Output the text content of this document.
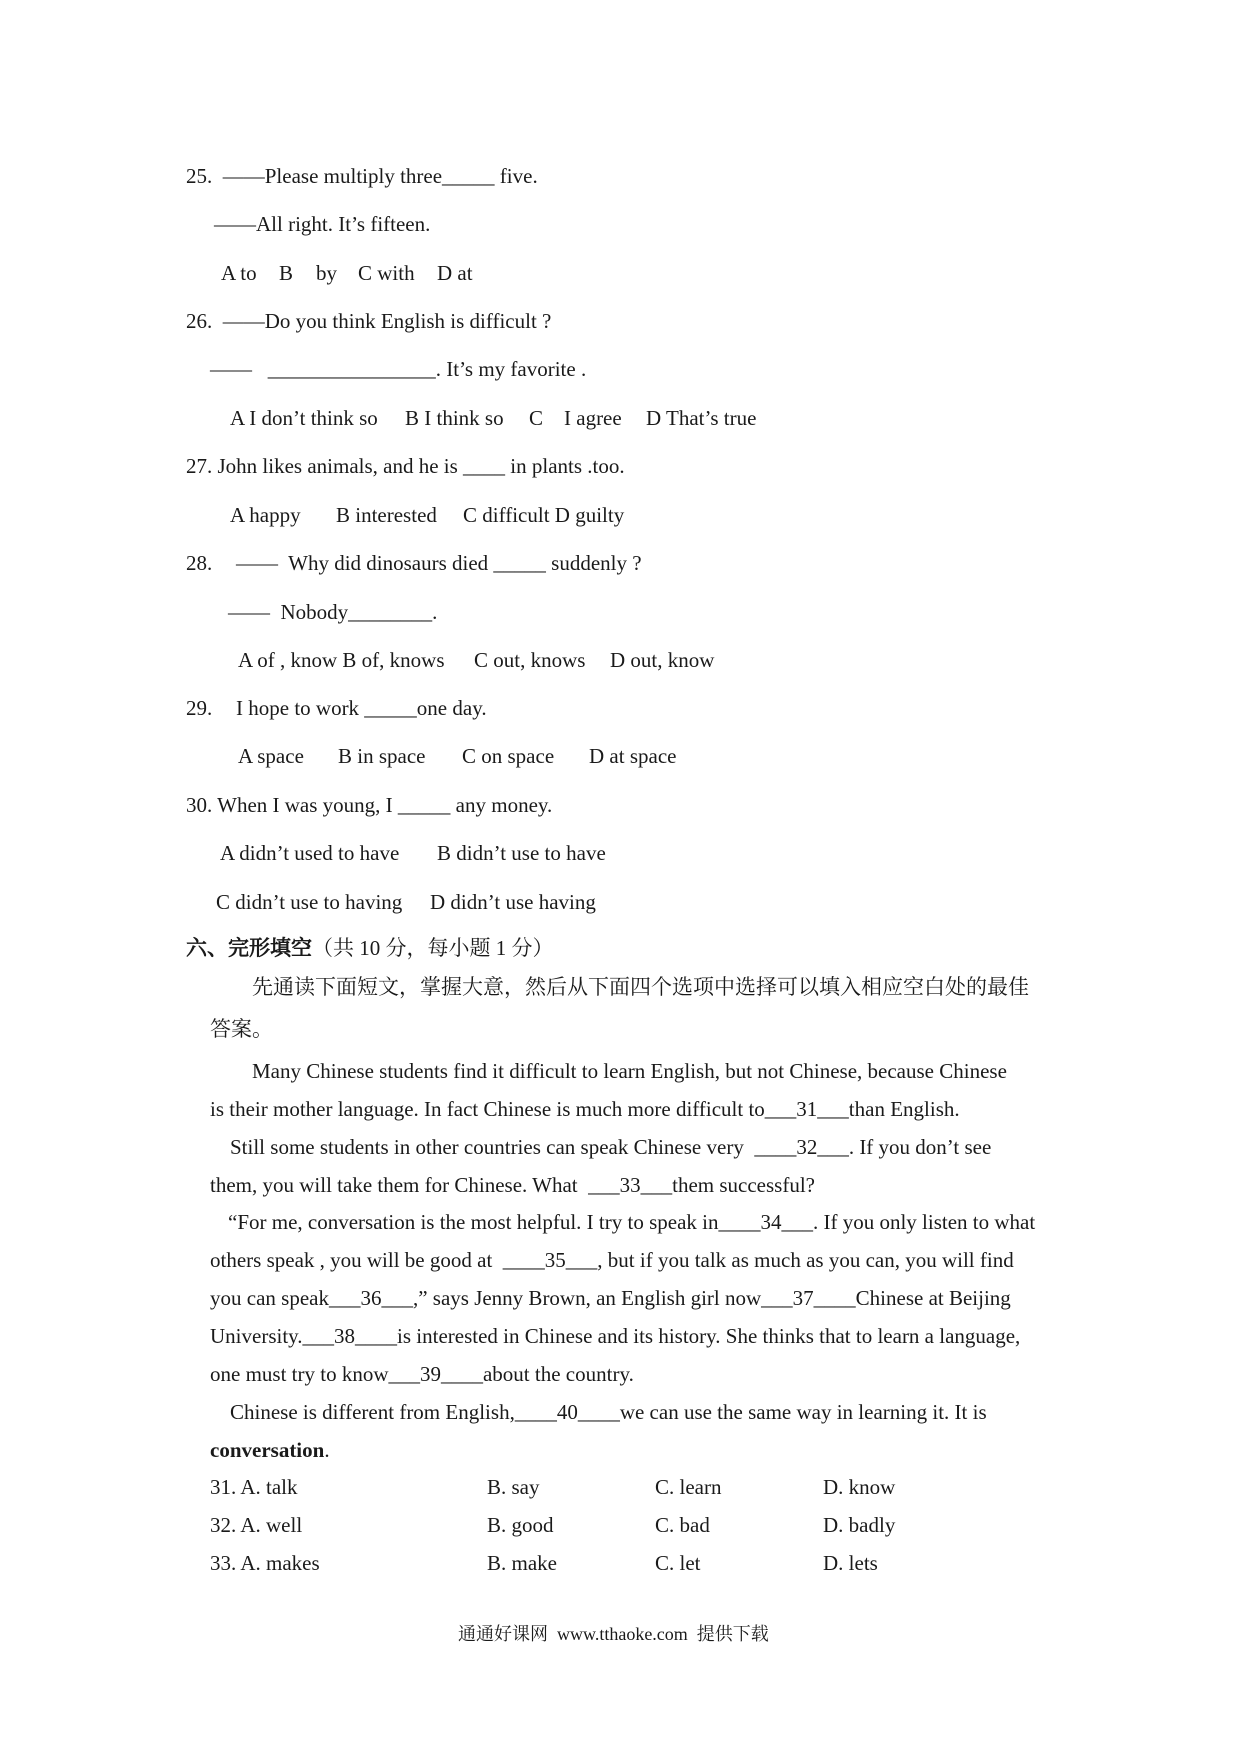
25.  ——Please multiply three_____ five.
——All right. It’s fifteen.
A to B by C with D at
26.  ——Do you think English is difficult ?
——   ________________. It’s my favorite .
A I don’t think so B I think so C I agree D That’s true
27. John likes animals, and he is ____ in plants .too.
A happy B interested C difficult D guilty
28. ——  Why did dinosaurs died _____ suddenly ?
——  Nobody________.
A of , know B of, knows C out, knows D out, know
29. I hope to work _____one day.
A space B in space C on space D at space
30. When I was young, I _____ any money.
A didn’t used to have B didn’t use to have
C didn’t use to having D didn’t use having
六、完形填空（共 10 分，每小题 1 分）
先通读下面短文，掌握大意，然后从下面四个选项中选择可以填入相应空白处的最佳
答案。
Many Chinese students find it difficult to learn English, but not Chinese, because Chinese
is their mother language. In fact Chinese is much more difficult to___31___than English.
Still some students in other countries can speak Chinese very  ____32___. If you don’t see
them, you will take them for Chinese. What  ___33___them successful?
“For me, conversation is the most helpful. I try to speak in____34___. If you only listen to what
others speak , you will be good at  ____35___, but if you talk as much as you can, you will find
you can speak___36___,” says Jenny Brown, an English girl now___37____Chinese at Beijing
University.___38____is interested in Chinese and its history. She thinks that to learn a language,
one must try to know___39____about the country.
Chinese is different from English,____40____we can use the same way in learning it. It is
conversation.
31. A. talk	B. say	C. learn	D. know
32. A. well	B. good	C. bad	D. badly
33. A. makes	B. make	C. let	D. lets
通通好课网  www.tthaoke.com  提供下载
